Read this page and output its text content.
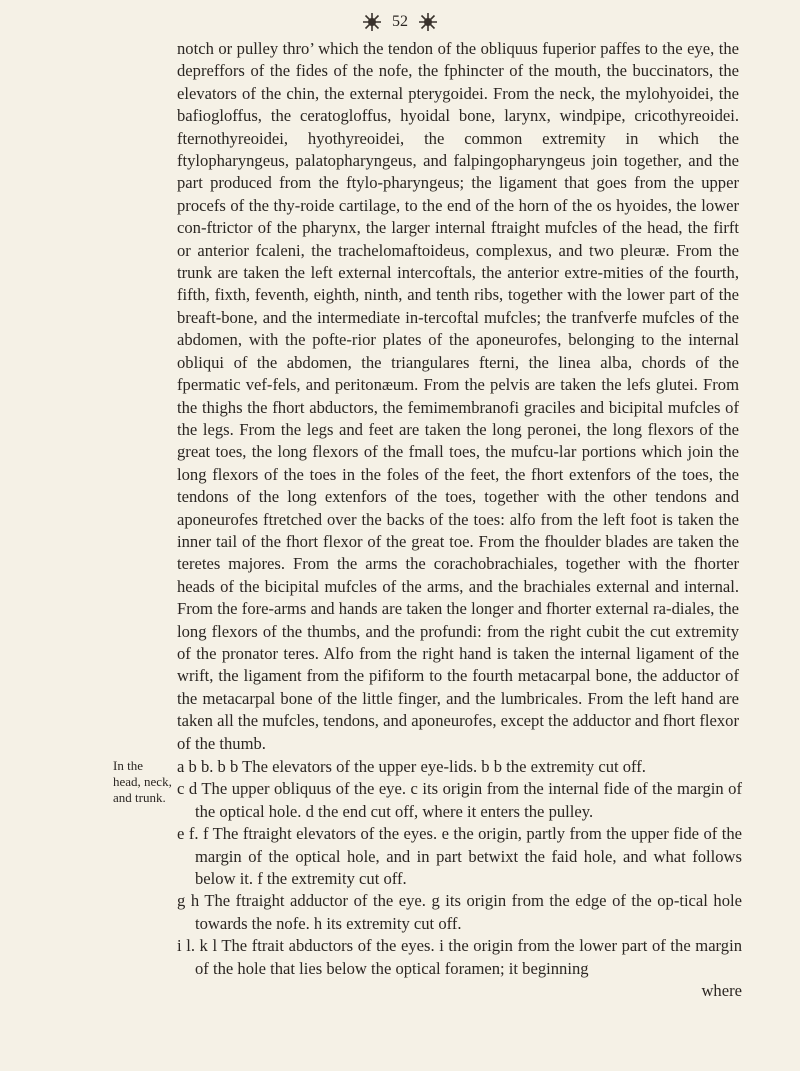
52

notch or pulley thro’ which the tendon of the obliquus fuperior paffes to the eye, the depreffors of the fides of the nofe, the fphincter of the mouth, the buccinators, the elevators of the chin, the external pterygoidei. From the neck, the mylohyoidei, the bafiogloffus, the ceratogloffus, hyoidal bone, larynx, windpipe, cricothyreoidei. fternothyreoidei, hyothyreoidei, the common extremity in which the ftylopharyngeus, palatopharyngeus, and falpingopharyngeus join together, and the part produced from the ftylo-pharyngeus; the ligament that goes from the upper procefs of the thy-roide cartilage, to the end of the horn of the os hyoides, the lower con-ftrictor of the pharynx, the larger internal ftraight mufcles of the head, the firft or anterior fcaleni, the trachelomaftoideus, complexus, and two pleuræ. From the trunk are taken the left external intercoftals, the anterior extre-mities of the fourth, fifth, fixth, feventh, eighth, ninth, and tenth ribs, together with the lower part of the breaft-bone, and the intermediate in-tercoftal mufcles; the tranfverfe mufcles of the abdomen, with the pofte-rior plates of the aponeurofes, belonging to the internal obliqui of the abdomen, the triangulares fterni, the linea alba, chords of the fpermatic vef-fels, and peritonæum. From the pelvis are taken the lefs glutei. From the thighs the fhort abductors, the femimembranofi graciles and bicipital mufcles of the legs. From the legs and feet are taken the long peronei, the long flexors of the great toes, the long flexors of the fmall toes, the mufcu-lar portions which join the long flexors of the toes in the foles of the feet, the fhort extenfors of the toes, the tendons of the long extenfors of the toes, together with the other tendons and aponeurofes ftretched over the backs of the toes: alfo from the left foot is taken the inner tail of the fhort flexor of the great toe. From the fhoulder blades are taken the teretes majores. From the arms the corachobrachiales, together with the fhorter heads of the bicipital mufcles of the arms, and the brachiales external and internal. From the fore-arms and hands are taken the longer and fhorter external ra-diales, the long flexors of the thumbs, and the profundi: from the right cubit the cut extremity of the pronator teres. Alfo from the right hand is taken the internal ligament of the wrift, the ligament from the pifiform to the fourth metacarpal bone, the adductor of the metacarpal bone of the little finger, and the lumbricales. From the left hand are taken all the mufcles, tendons, and aponeurofes, except the adductor and fhort flexor of the thumb.

In the head, neck, and trunk.

a b b. b b The elevators of the upper eye-lids. b b the extremity cut off.

c d The upper obliquus of the eye. c its origin from the internal fide of the margin of the optical hole. d the end cut off, where it enters the pulley.

e f. f The ftraight elevators of the eyes. e the origin, partly from the upper fide of the margin of the optical hole, and in part betwixt the faid hole, and what follows below it. f the extremity cut off.

g h The ftraight adductor of the eye. g its origin from the edge of the op-tical hole towards the nofe. h its extremity cut off.

i l. k l The ftrait abductors of the eyes. i the origin from the lower part of the margin of the hole that lies below the optical foramen; it beginning

where
